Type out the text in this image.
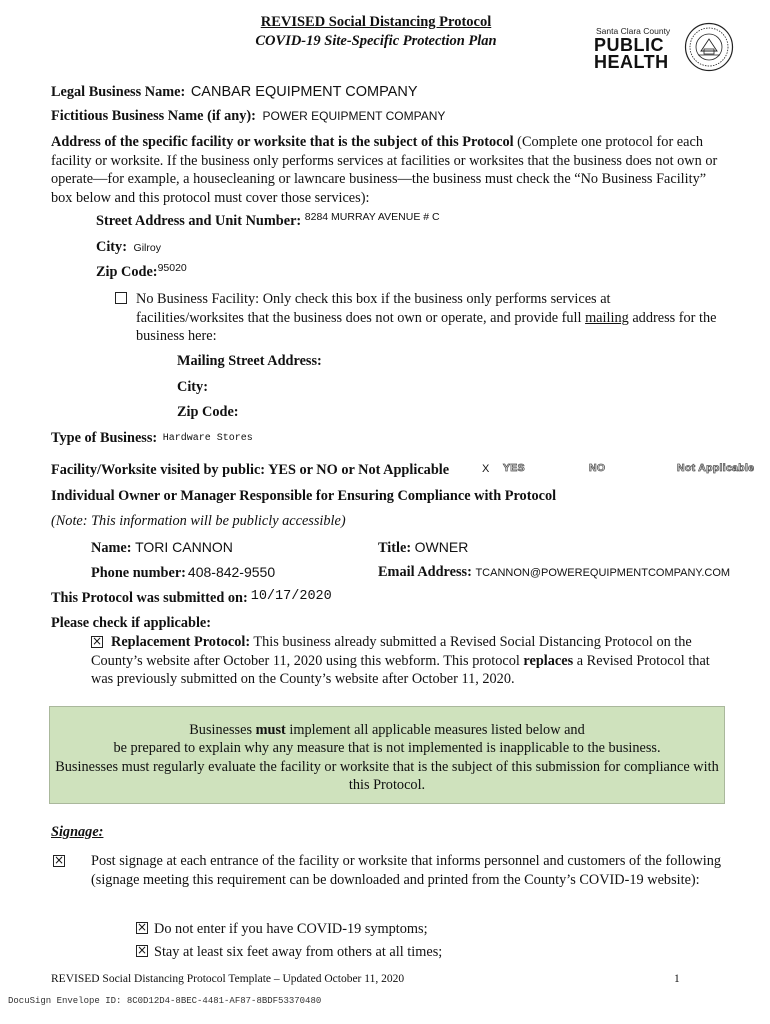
REVISED Social Distancing Protocol
COVID-19 Site-Specific Protection Plan
Santa Clara County
PUBLIC
HEALTH
Legal Business Name: CANBAR EQUIPMENT COMPANY
Fictitious Business Name (if any): POWER EQUIPMENT COMPANY
Address of the specific facility or worksite that is the subject of this Protocol (Complete one protocol for each facility or worksite. If the business only performs services at facilities or worksites that the business does not own or operate—for example, a housecleaning or lawncare business—the business must check the “No Business Facility” box below and this protocol must cover those services):
Street Address and Unit Number: $^{8284 MURRAY AVENUE \# C}$
City: Gilroy
Zip Code:$^{95020}$
No Business Facility: Only check this box if the business only performs services at facilities/worksites that the business does not own or operate, and provide full mailing address for the business here:
Mailing Street Address:
City:
Zip Code:
Type of Business: Hardware Stores
Facility/Worksite visited by public: YES or NO or Not Applicable	X YES	NO	Not Applicable
Individual Owner or Manager Responsible for Ensuring Compliance with Protocol
(Note: This information will be publicly accessible)
Name: TORI CANNON	Title: OWNER
Phone number: 408-842-9550	Email Address: TCANNON@POWEREQUIPMENTCOMPANY.COM
This Protocol was submitted on: 10/17/2020
Please check if applicable:
×
Replacement Protocol: This business already submitted a Revised Social Distancing Protocol on the County’s website after October 11, 2020 using this webform. This protocol replaces a Revised Protocol that was previously submitted on the County’s website after October 11, 2020.
Businesses must implement all applicable measures listed below and
be prepared to explain why any measure that is not implemented is inapplicable to the business.
Businesses must regularly evaluate the facility or worksite that is the subject of this submission for compliance with this Protocol.
Signage:
×
Post signage at each entrance of the facility or worksite that informs personnel and customers of the following (signage meeting this requirement can be downloaded and printed from the County’s COVID-19 website):
×Do not enter if you have COVID-19 symptoms;
×Stay at least six feet away from others at all times;
REVISED Social Distancing Protocol Template – Updated October 11, 2020	1
DocuSign Envelope ID: 8C0D12D4-8BEC-4481-AF87-8BDF53370480
